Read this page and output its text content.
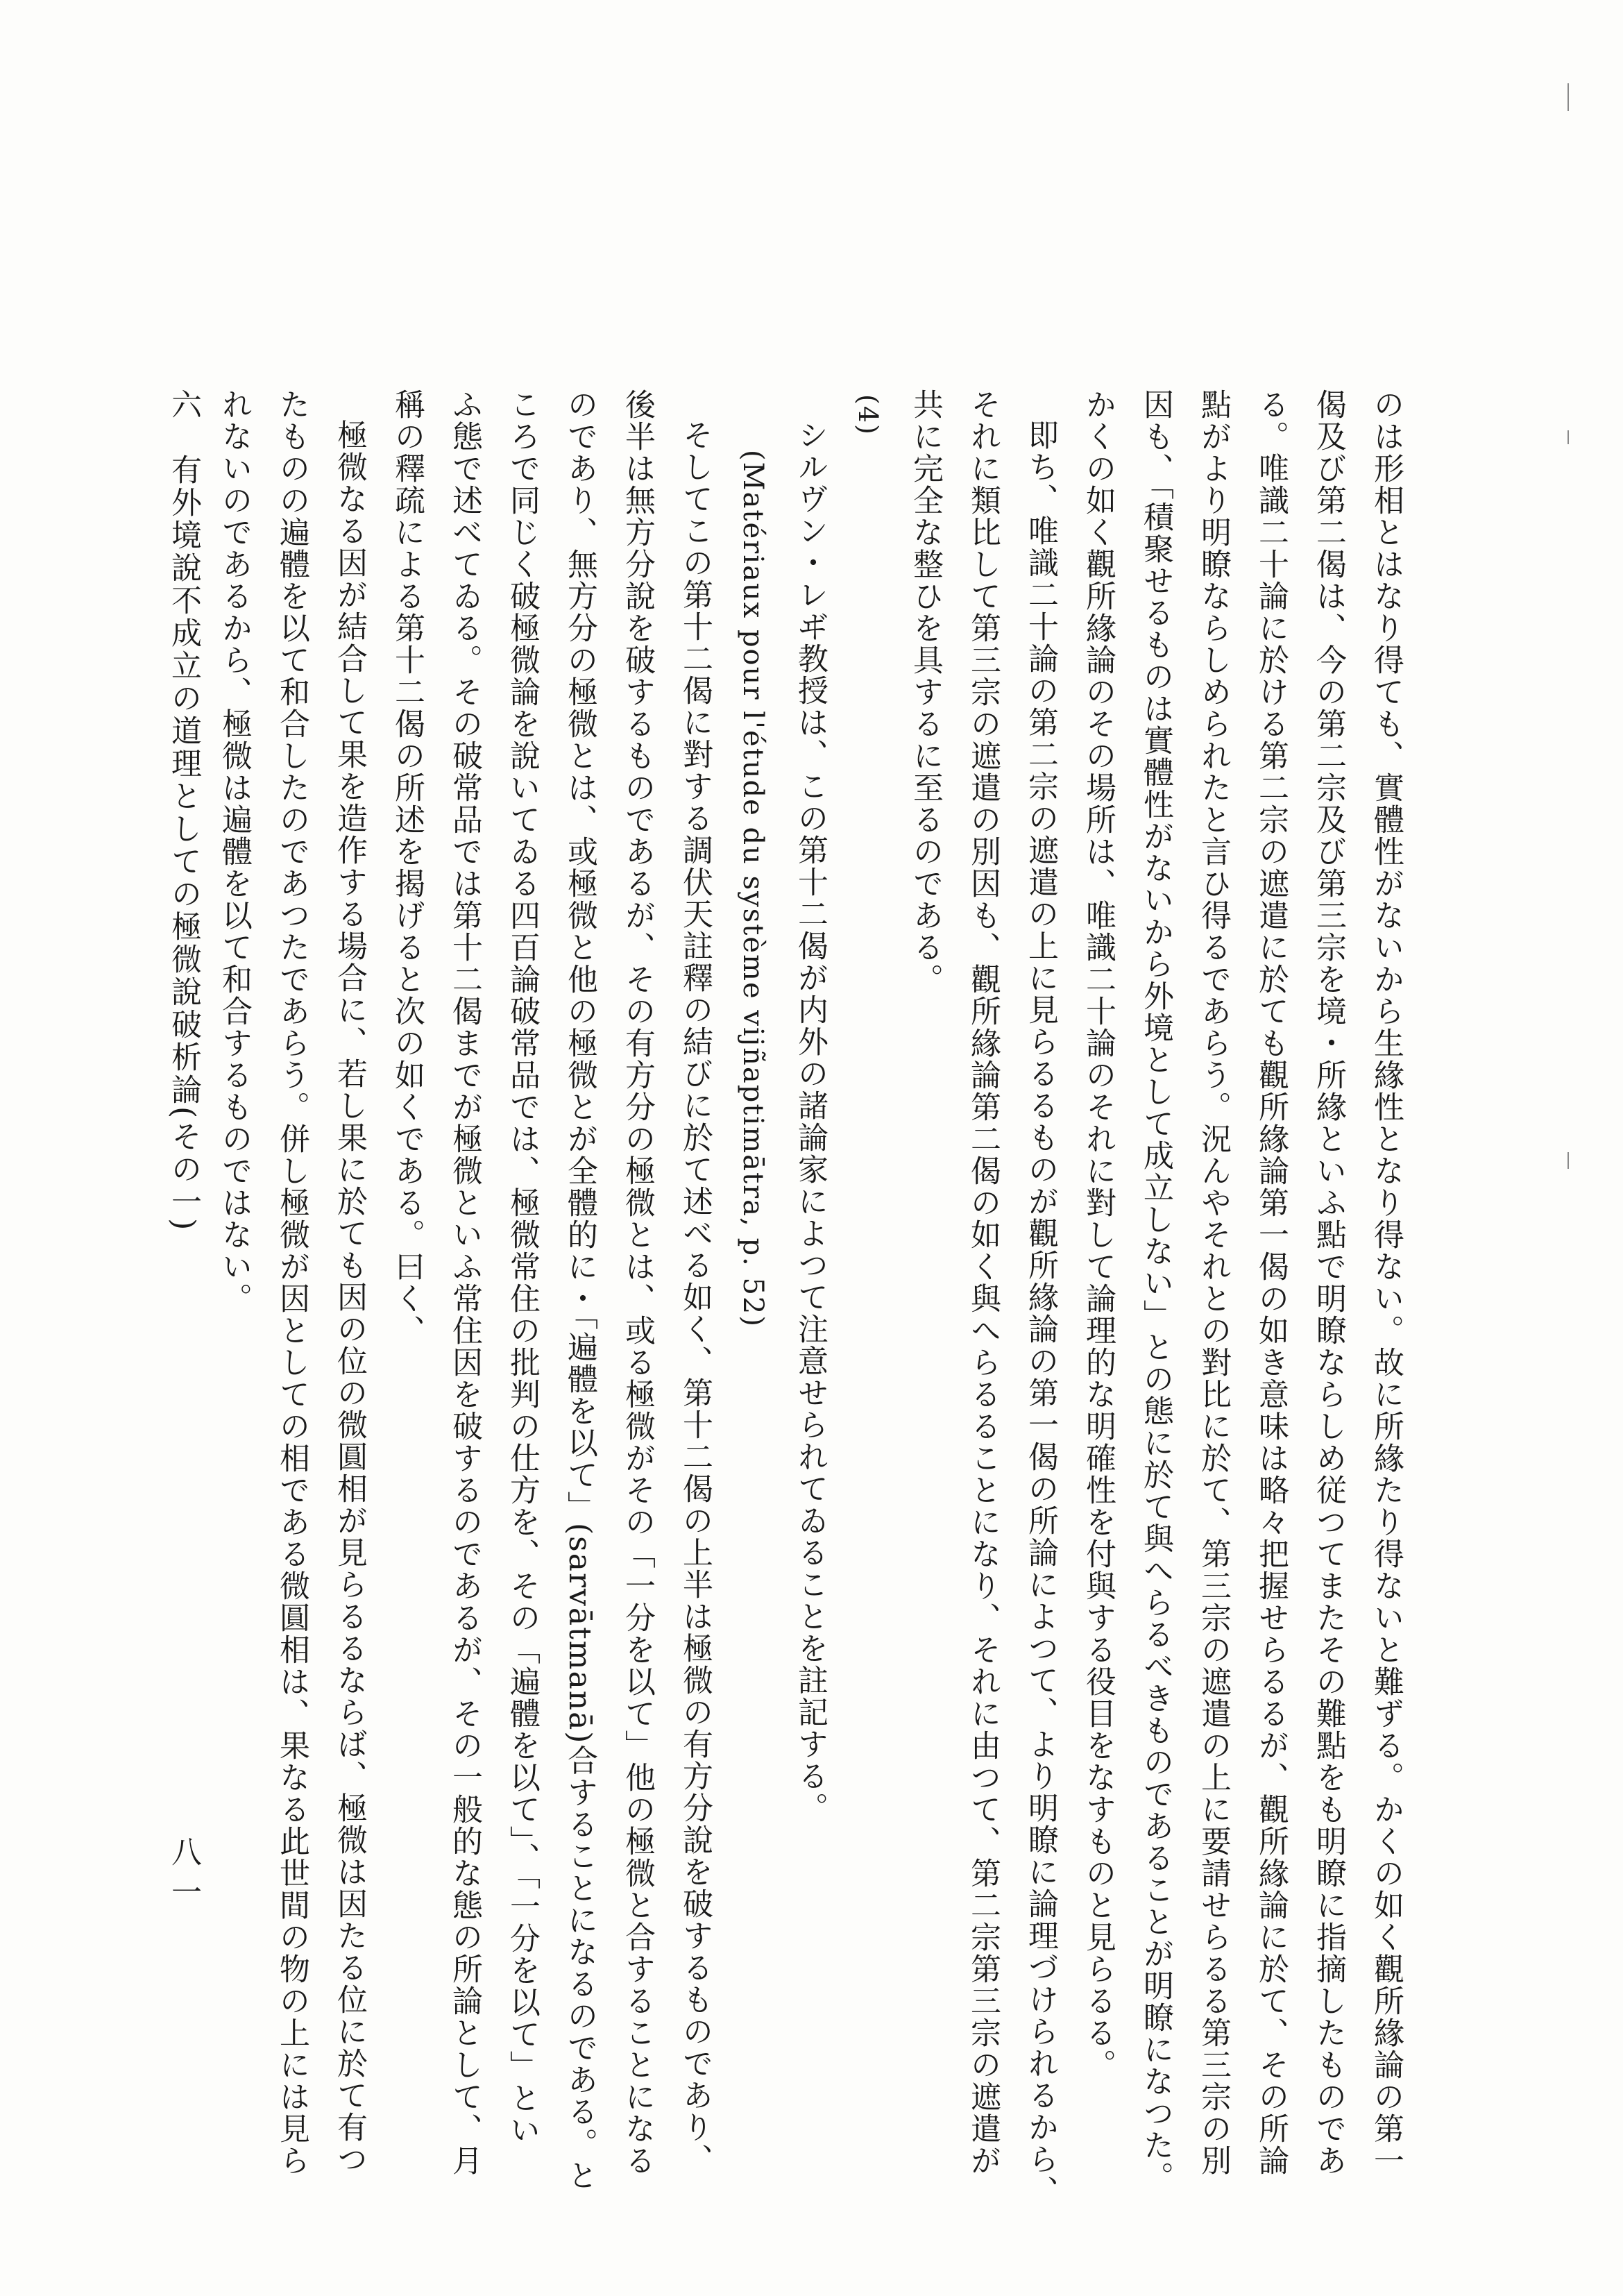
のは形相とはなり得ても、實體性がないから生緣性となり得ない。故に所緣たり得ないと難ずる。かくの如く觀所緣論の第一
偈及び第二偈は、今の第二宗及び第三宗を境・所緣といふ點で明瞭ならしめ従つてまたその難點をも明瞭に指摘したものであ
る。唯識二十論に於ける第二宗の遮遣に於ても觀所緣論第一偈の如き意味は略々把握せらるるが、觀所緣論に於て、その所論
點がより明瞭ならしめられたと言ひ得るであらう。況んやそれとの對比に於て、第三宗の遮遣の上に要請せらるる第三宗の別
因も、「積聚せるものは實體性がないから外境として成立しない」との態に於て與へらるべきものであることが明瞭になつた。
かくの如く觀所緣論のその場所は、唯識二十論のそれに對して論理的な明確性を付與する役目をなすものと見らるる。
即ち、唯識二十論の第二宗の遮遣の上に見らるるものが觀所緣論の第一偈の所論によつて、より明瞭に論理づけられるから、
それに類比して第三宗の遮遣の別因も、觀所緣論第二偈の如く與へらるることになり、それに由つて、第二宗第三宗の遮遣が
共に完全な整ひを具するに至るのである。
(4)
シルヴン・レヸ教授は、この第十二偈が内外の諸論家によつて注意せられてゐることを註記する。
(Matériaux pour l'étude du système vijñaptimātra, p. 52)
そしてこの第十二偈に對する調伏天註釋の結びに於て述べる如く、第十二偈の上半は極微の有方分說を破するものであり、
後半は無方分說を破するものであるが、その有方分の極微とは、或る極微がその「一分を以て」他の極微と合することになる
のであり、無方分の極微とは、或極微と他の極微とが全體的に・「遍體を以て」(sarvātmanā)合することになるのである。と
ころで同じく破極微論を說いてゐる四百論破常品では、極微常住の批判の仕方を、その「遍體を以て」、「一分を以て」とい
ふ態で述べてゐる。その破常品では第十二偈までが極微といふ常住因を破するのであるが、その一般的な態の所論として、月
稱の釋疏による第十二偈の所述を揭げると次の如くである。曰く、
極微なる因が結合して果を造作する場合に、若し果に於ても因の位の微圓相が見らるるならば、極微は因たる位に於て有つ
たものの遍體を以て和合したのであつたであらう。併し極微が因としての相である微圓相は、果なる此世間の物の上には見ら
れないのであるから、極微は遍體を以て和合するものではない。
六　有外境說不成立の道理としての極微說破析論(その一)
八一
